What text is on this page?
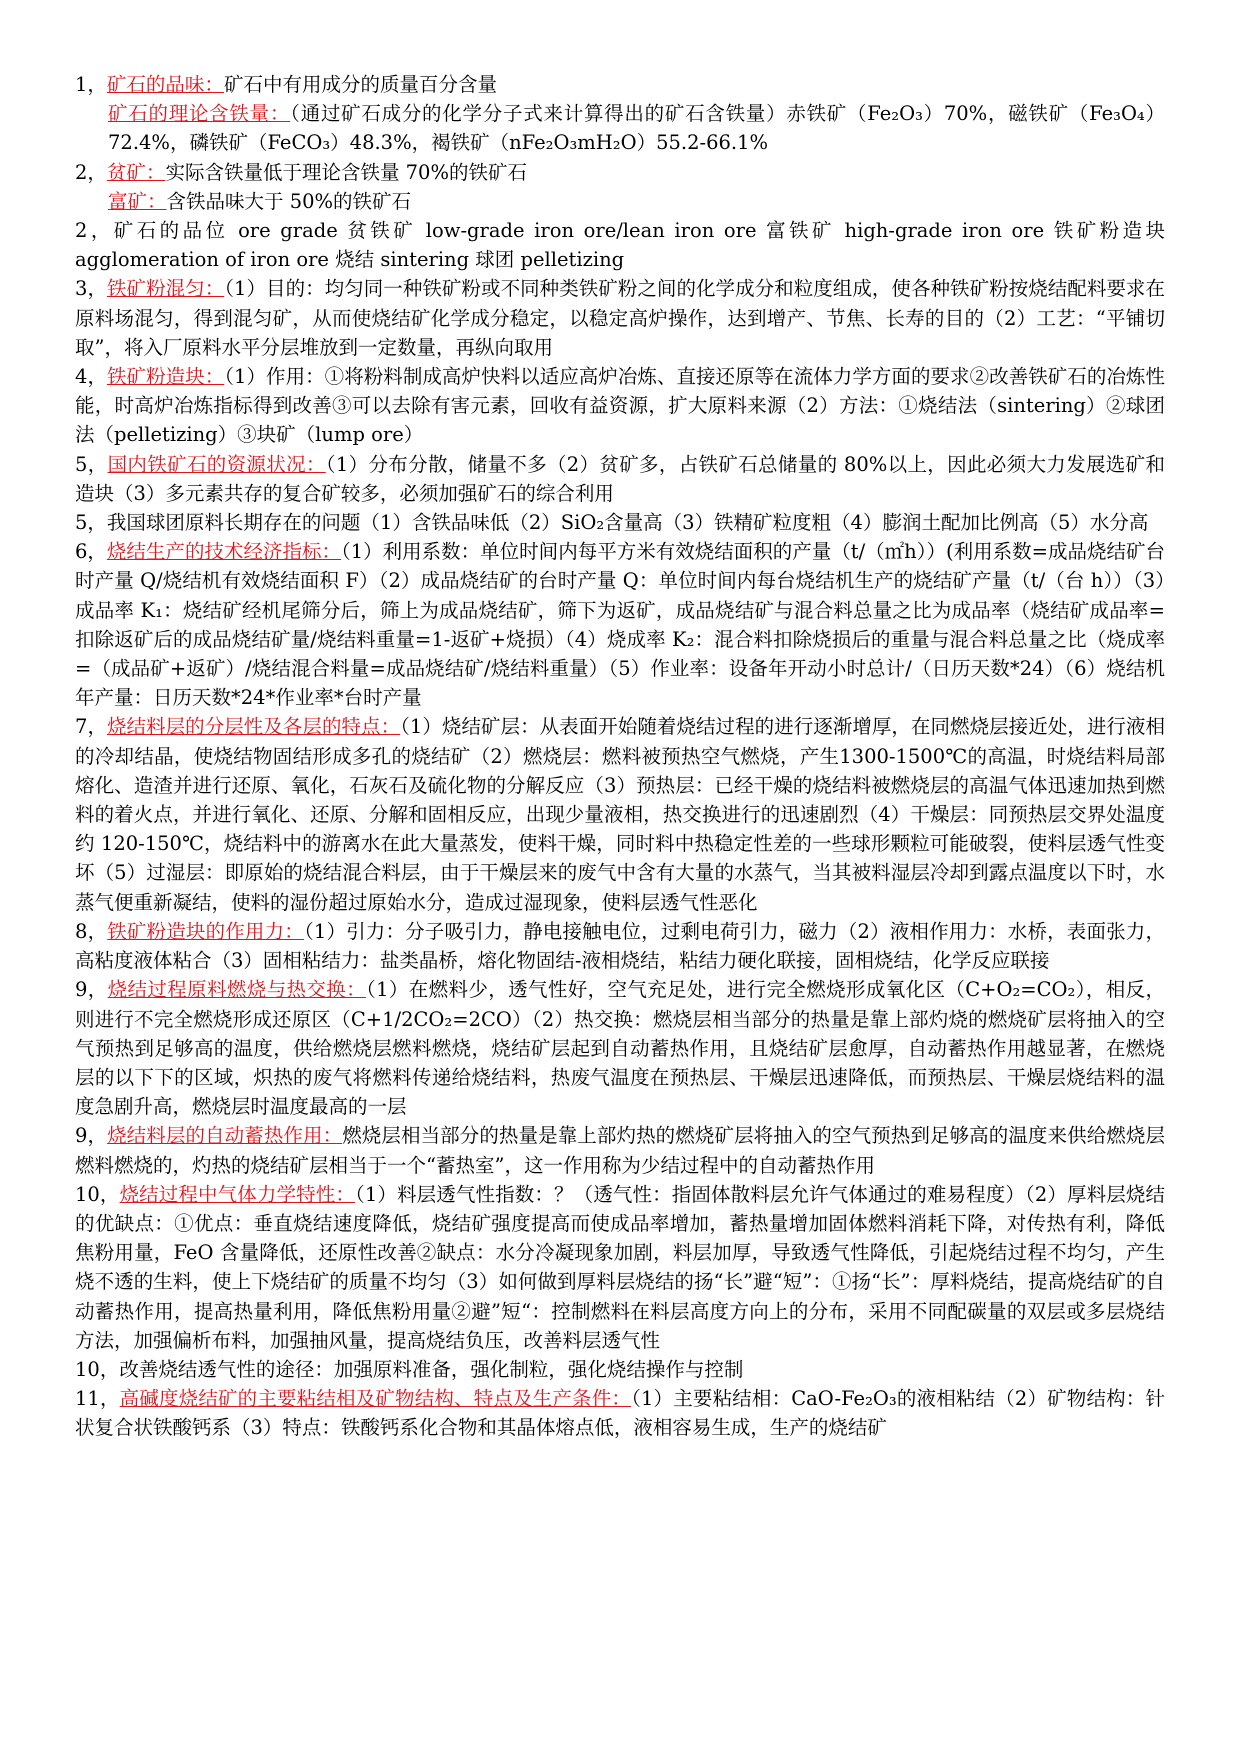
1，矿石的品味：矿石中有用成分的质量百分含量

矿石的理论含铁量：（通过矿石成分的化学分子式来计算得出的矿石含铁量）赤铁矿（Fe₂O₃）70%，磁铁矿（Fe₃O₄）72.4%，磷铁矿（FeCO₃）48.3%，褐铁矿（nFe₂O₃mH₂O）55.2-66.1%

2，贫矿：实际含铁量低于理论含铁量 70%的铁矿石

富矿：含铁品味大于 50%的铁矿石

2，矿石的品位 ore grade 贫铁矿 low-grade iron ore/lean iron ore 富铁矿 high-grade iron ore 铁矿粉造块 agglomeration of iron ore 烧结 sintering 球团 pelletizing

3，铁矿粉混匀：（1）目的：均匀同一种铁矿粉或不同种类铁矿粉之间的化学成分和粒度组成，使各种铁矿粉按烧结配料要求在原料场混匀，得到混匀矿，从而使烧结矿化学成分稳定，以稳定高炉操作，达到增产、节焦、长寿的目的（2）工艺：“平铺切取”，将入厂原料水平分层堆放到一定数量，再纵向取用

4，铁矿粉造块：（1）作用：①将粉料制成高炉快料以适应高炉冶炼、直接还原等在流体力学方面的要求②改善铁矿石的冶炼性能，时高炉冶炼指标得到改善③可以去除有害元素，回收有益资源，扩大原料来源（2）方法：①烧结法（sintering）②球团法（pelletizing）③块矿（lump ore）

5，国内铁矿石的资源状况：（1）分布分散，储量不多（2）贫矿多，占铁矿石总储量的 80%以上，因此必须大力发展选矿和造块（3）多元素共存的复合矿较多，必须加强矿石的综合利用

5，我国球团原料长期存在的问题（1）含铁品味低（2）SiO₂含量高（3）铁精矿粒度粗（4）膨润土配加比例高（5）水分高

6，烧结生产的技术经济指标：（1）利用系数：单位时间内每平方米有效烧结面积的产量（t/（㎡h））(利用系数=成品烧结矿台时产量 Q/烧结机有效烧结面积 F）（2）成品烧结矿的台时产量 Q：单位时间内每台烧结机生产的烧结矿产量（t/（台 h））（3）成品率 K₁：烧结矿经机尾筛分后，筛上为成品烧结矿，筛下为返矿，成品烧结矿与混合料总量之比为成品率（烧结矿成品率=扣除返矿后的成品烧结矿量/烧结料重量=1-返矿+烧损）（4）烧成率 K₂：混合料扣除烧损后的重量与混合料总量之比（烧成率=（成品矿+返矿）/烧结混合料量=成品烧结矿/烧结料重量）（5）作业率：设备年开动小时总计/（日历天数*24）（6）烧结机年产量：日历天数*24*作业率*台时产量

7，烧结料层的分层性及各层的特点：（1）烧结矿层：从表面开始随着烧结过程的进行逐渐增厚，在同燃烧层接近处，进行液相的冷却结晶，使烧结物固结形成多孔的烧结矿（2）燃烧层：燃料被预热空气燃烧，产生1300-1500℃的高温，时烧结料局部熔化、造渣并进行还原、氧化，石灰石及硫化物的分解反应（3）预热层：已经干燥的烧结料被燃烧层的高温气体迅速加热到燃料的着火点，并进行氧化、还原、分解和固相反应，出现少量液相，热交换进行的迅速剧烈（4）干燥层：同预热层交界处温度约 120-150℃，烧结料中的游离水在此大量蒸发，使料干燥，同时料中热稳定性差的一些球形颗粒可能破裂，使料层透气性变坏（5）过湿层：即原始的烧结混合料层，由于干燥层来的废气中含有大量的水蒸气，当其被料湿层冷却到露点温度以下时，水蒸气便重新凝结，使料的湿份超过原始水分，造成过湿现象，使料层透气性恶化

8，铁矿粉造块的作用力：（1）引力：分子吸引力，静电接触电位，过剩电荷引力，磁力（2）液相作用力：水桥，表面张力，高粘度液体粘合（3）固相粘结力：盐类晶桥，熔化物固结-液相烧结，粘结力硬化联接，固相烧结，化学反应联接

9，烧结过程原料燃烧与热交换：（1）在燃料少，透气性好，空气充足处，进行完全燃烧形成氧化区（C+O₂=CO₂），相反，则进行不完全燃烧形成还原区（C+1/2CO₂=2CO）（2）热交换：燃烧层相当部分的热量是靠上部灼烧的燃烧矿层将抽入的空气预热到足够高的温度，供给燃烧层燃料燃烧，烧结矿层起到自动蓄热作用，且烧结矿层愈厚，自动蓄热作用越显著，在燃烧层的以下下的区域，炽热的废气将燃料传递给烧结料，热废气温度在预热层、干燥层迅速降低，而预热层、干燥层烧结料的温度急剧升高，燃烧层时温度最高的一层

9，烧结料层的自动蓄热作用：燃烧层相当部分的热量是靠上部灼热的燃烧矿层将抽入的空气预热到足够高的温度来供给燃烧层燃料燃烧的，灼热的烧结矿层相当于一个“蓄热室”，这一作用称为少结过程中的自动蓄热作用

10，烧结过程中气体力学特性：（1）料层透气性指数：？（透气性：指固体散料层允许气体通过的难易程度）（2）厚料层烧结的优缺点：①优点：垂直烧结速度降低，烧结矿强度提高而使成品率增加，蓄热量增加固体燃料消耗下降，对传热有利，降低焦粉用量，FeO 含量降低，还原性改善②缺点：水分冷凝现象加剧，料层加厚，导致透气性降低，引起烧结过程不均匀，产生烧不透的生料，使上下烧结矿的质量不均匀（3）如何做到厚料层烧结的扬“长”避“短”：①扬“长”：厚料烧结，提高烧结矿的自动蓄热作用，提高热量利用，降低焦粉用量②避”短“：控制燃料在料层高度方向上的分布，采用不同配碳量的双层或多层烧结方法，加强偏析布料，加强抽风量，提高烧结负压，改善料层透气性

10，改善烧结透气性的途径：加强原料准备，强化制粒，强化烧结操作与控制

11，高碱度烧结矿的主要粘结相及矿物结构、特点及生产条件：（1）主要粘结相：CaO-Fe₂O₃的液相粘结（2）矿物结构：针状复合状铁酸钙系（3）特点：铁酸钙系化合物和其晶体熔点低，液相容易生成，生产的烧结矿
